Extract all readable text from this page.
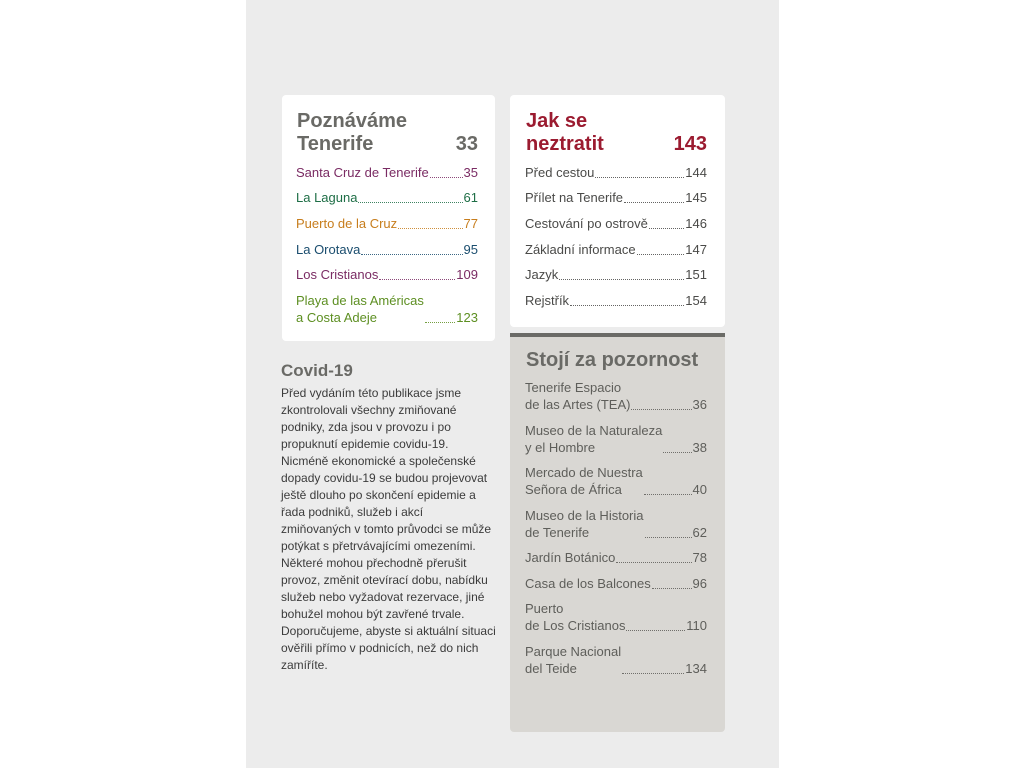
Poznáváme Tenerife	33
Santa Cruz de Tenerife	35
La Laguna	61
Puerto de la Cruz	77
La Orotava	95
Los Cristianos	109
Playa de las Américas
a Costa Adeje	123
Jak se neztratit	143
Před cestou	144
Přílet na Tenerife	145
Cestování po ostrově	146
Základní informace	147
Jazyk	151
Rejstřík	154
Stojí za pozornost
Tenerife Espacio
de las Artes (TEA)	36
Museo de la Naturaleza
y el Hombre	38
Mercado de Nuestra
Señora de África	40
Museo de la Historia
de Tenerife	62
Jardín Botánico	78
Casa de los Balcones	96
Puerto
de Los Cristianos	110
Parque Nacional
del Teide	134
Covid-19

Před vydáním této publikace jsme zkontrolovali všechny zmiňované podniky, zda jsou v provozu i po propuknutí epidemie covidu-19. Nicméně ekonomické a společenské dopady covidu-19 se budou projevovat ještě dlouho po skončení epidemie a řada podniků, služeb i akcí zmiňovaných v tomto průvodci se může potýkat s přetrvávajícími omezeními. Některé mohou přechodně přerušit provoz, změnit otevírací dobu, nabídku služeb nebo vyžadovat rezervace, jiné bohužel mohou být zavřené trvale. Doporučujeme, abyste si aktuální situaci ověřili přímo v podnicích, než do nich zamíříte.
